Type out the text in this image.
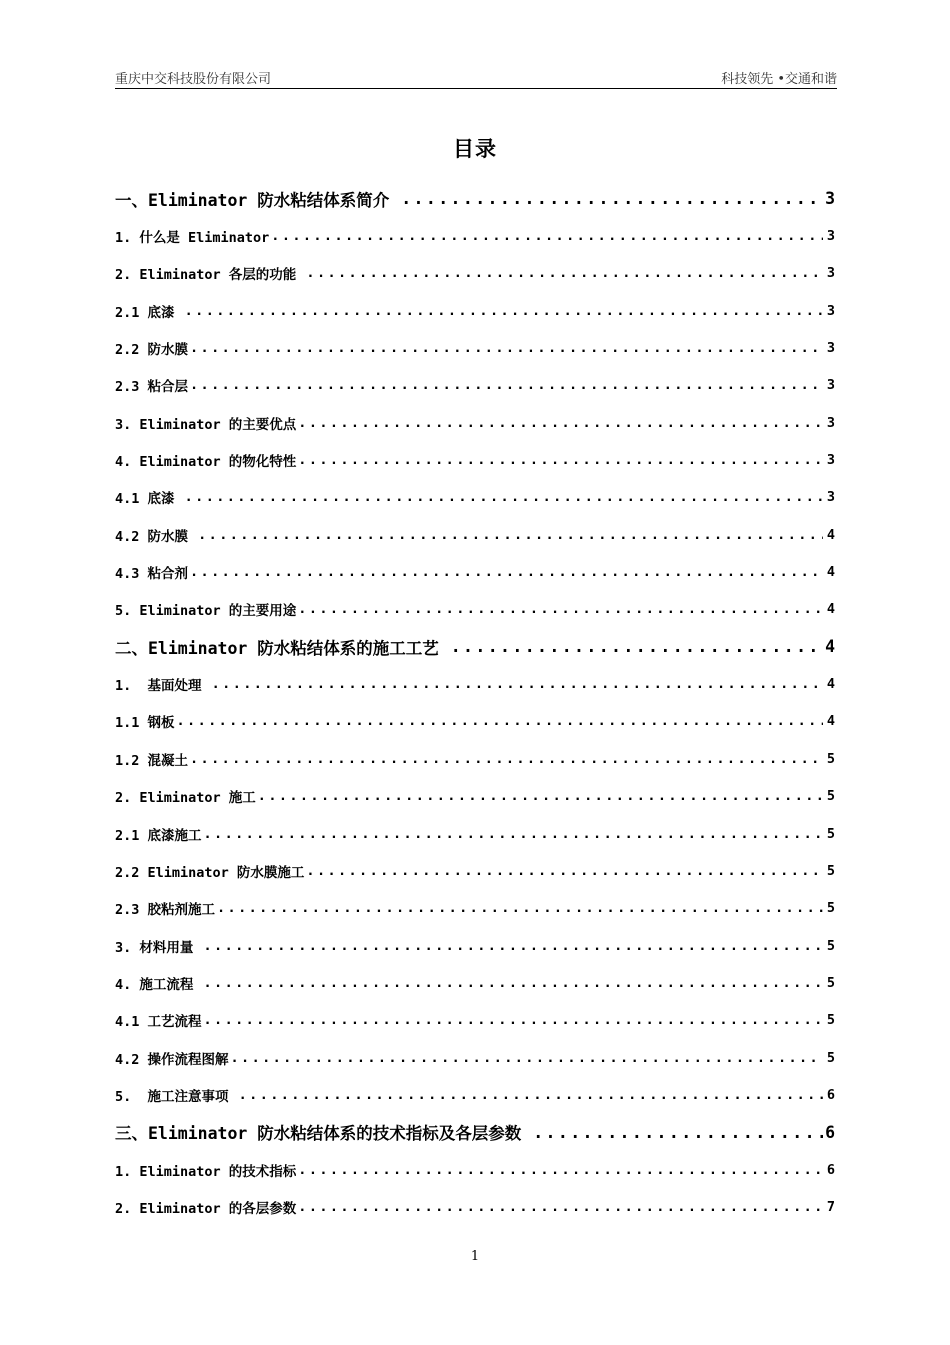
重庆中交科技股份有限公司	科技领先 •交通和谐
目录
一、Eliminator 防水粘结体系简介 .....	3
1. 什么是 Eliminator .....	3
2. Eliminator 各层的功能 .....	3
2.1 底漆 .....	3
2.2 防水膜 .....	3
2.3 粘合层 .....	3
3. Eliminator 的主要优点 .....	3
4. Eliminator 的物化特性 .....	3
4.1 底漆 .....	3
4.2 防水膜 .....	4
4.3 粘合剂 .....	4
5. Eliminator 的主要用途 .....	4
二、Eliminator 防水粘结体系的施工工艺 .....	4
1.  基面处理 .....	4
1.1 钢板 .....	4
1.2 混凝土 .....	5
2. Eliminator 施工 .....	5
2.1 底漆施工 .....	5
2.2 Eliminator 防水膜施工 .....	5
2.3 胶粘剂施工 .....	5
3. 材料用量 .....	5
4. 施工流程 .....	5
4.1 工艺流程 .....	5
4.2 操作流程图解 .....	5
5.  施工注意事项 .....	6
三、Eliminator 防水粘结体系的技术指标及各层参数 .....	6
1. Eliminator 的技术指标 .....	6
2. Eliminator 的各层参数 .....	7
1
